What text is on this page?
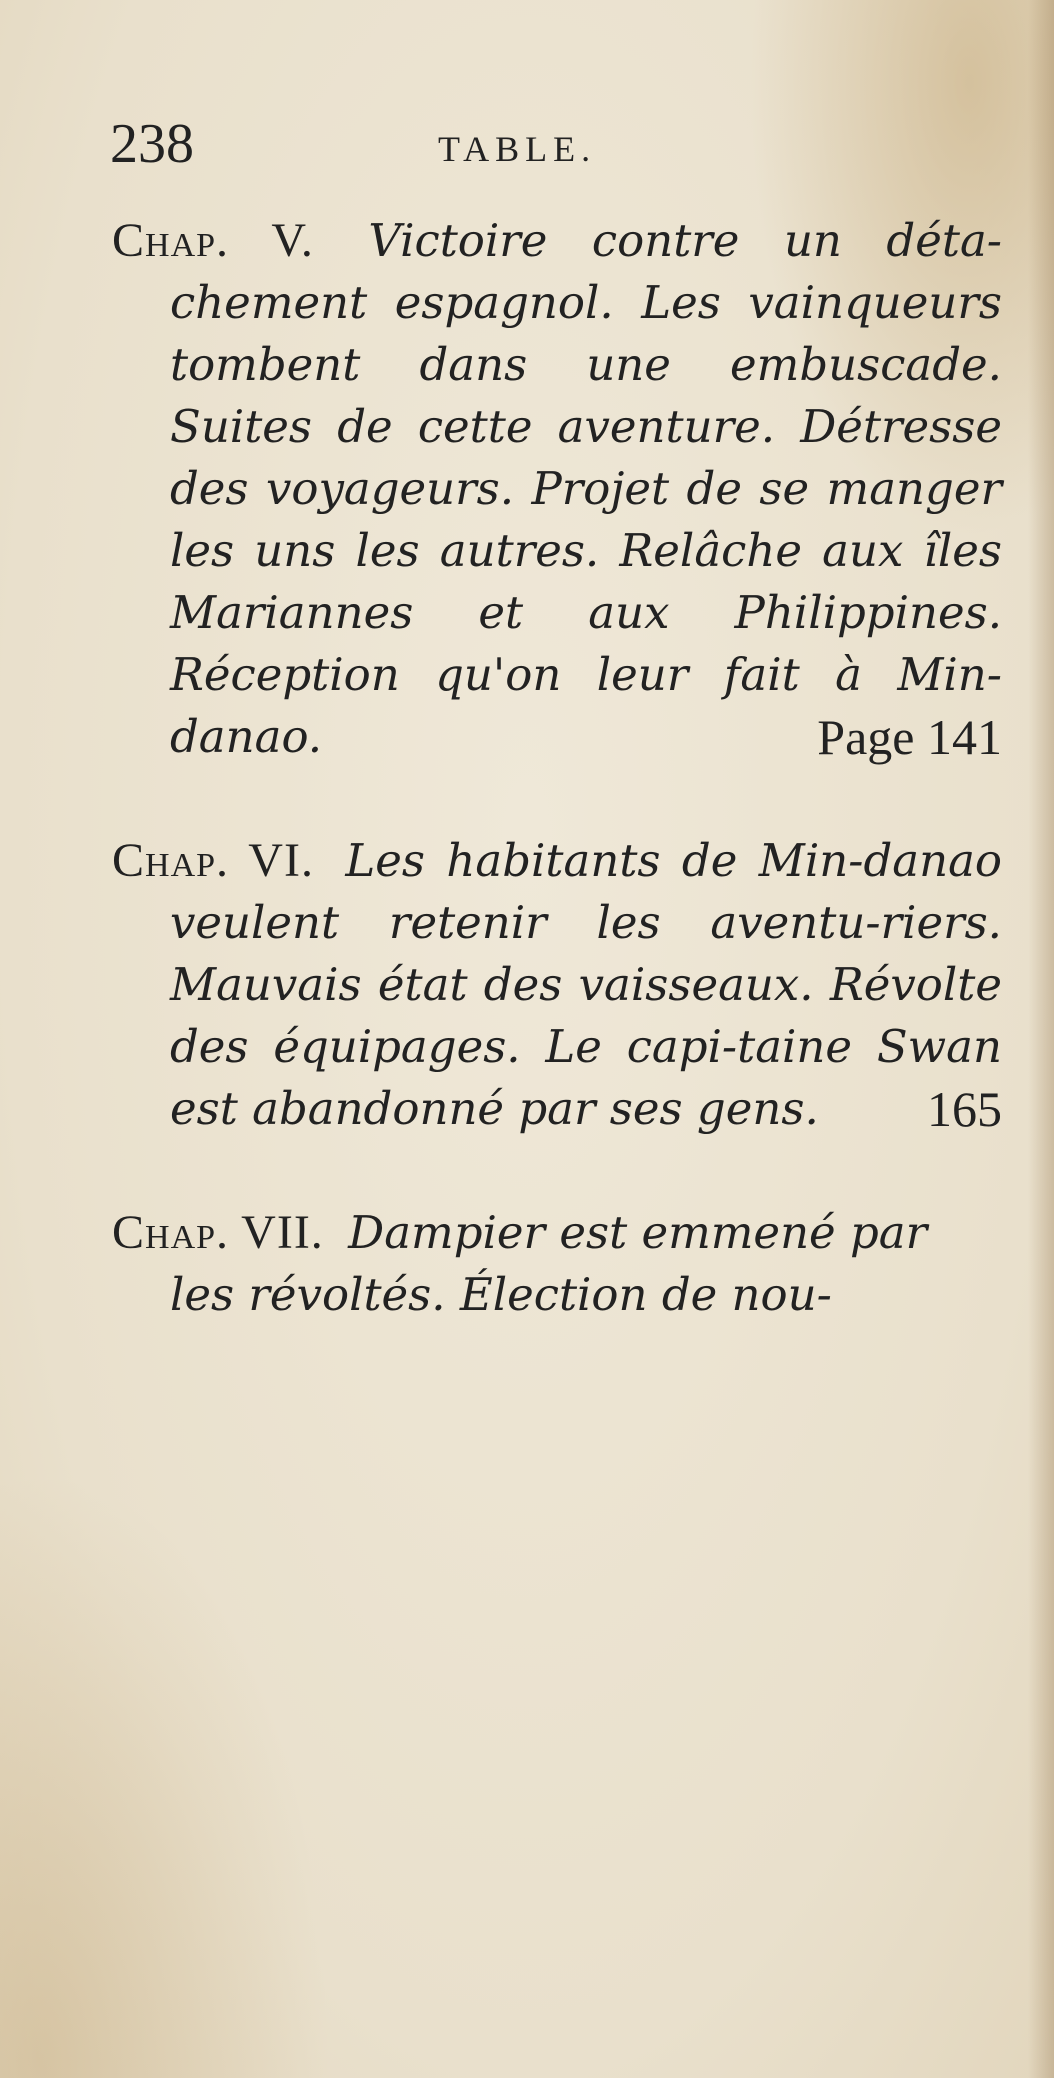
238	TABLE.

Chap. V. Victoire contre un déta-chement espagnol. Les vainqueurs tombent dans une embuscade. Suites de cette aventure. Détresse des voyageurs. Projet de se manger les uns les autres. Relâche aux îles Mariannes et aux Philippines. Réception qu'on leur fait à Min-danao.	Page 141

Chap. VI. Les habitants de Min-danao veulent retenir les aventu-riers. Mauvais état des vaisseaux. Révolte des équipages. Le capi-taine Swan est abandonné par ses gens. 165

Chap. VII. Dampier est emmené par les révoltés. Élection de nou-
